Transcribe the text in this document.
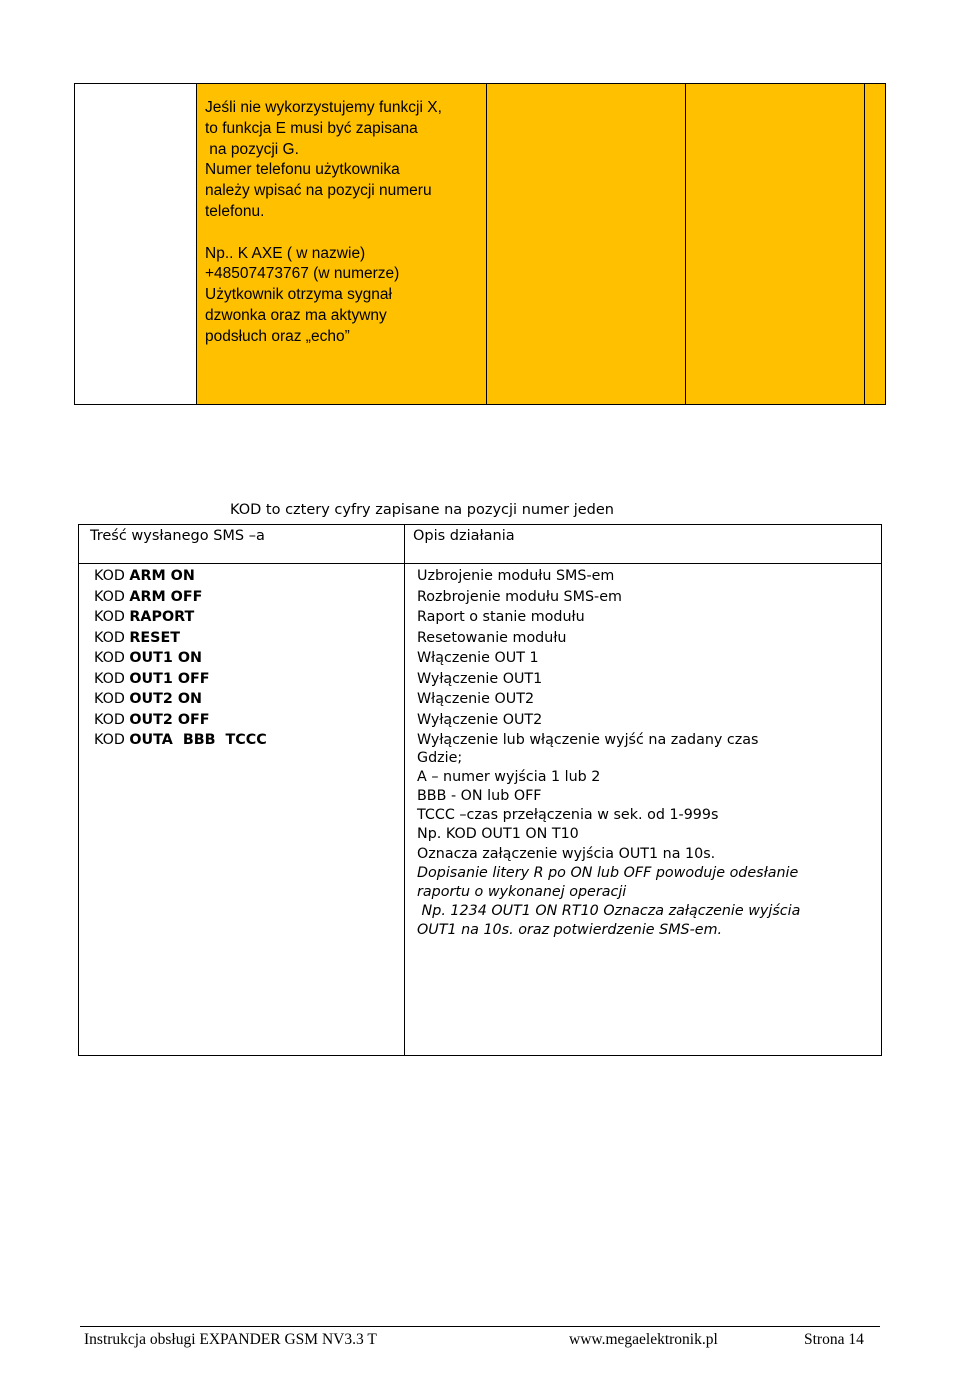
Jeśli nie wykorzystujemy funkcji X,
to funkcja E musi być zapisana
na pozycji G.
Numer telefonu użytkownika
należy wpisać na pozycji numeru
telefonu.

Np.. K AXE ( w nazwie)
+48507473767 (w numerze)
Użytkownik otrzyma sygnał
dzwonka oraz ma aktywny
podsłuch oraz „echo”
KOD to cztery cyfry zapisane na pozycji numer jeden
Treść wysłanego SMS –a	Opis działania
KOD ARM ON	Uzbrojenie modułu SMS-em
KOD ARM OFF	Rozbrojenie modułu SMS-em
KOD RAPORT	Raport o stanie modułu
KOD RESET	Resetowanie modułu
KOD OUT1 ON	Włączenie OUT 1
KOD OUT1 OFF	Wyłączenie OUT1
KOD OUT2 ON	Włączenie OUT2
KOD OUT2 OFF	Wyłączenie OUT2
KOD OUTA  BBB  TCCC	Wyłączenie lub włączenie wyjść na zadany czas
Gdzie;
A – numer wyjścia 1 lub 2
BBB - ON lub OFF
TCCC –czas przełączenia w sek. od 1-999s
Np. KOD OUT1 ON T10
Oznacza załączenie wyjścia OUT1 na 10s.
Dopisanie litery R po ON lub OFF powoduje odesłanie
raportu o wykonanej operacji
Np. 1234 OUT1 ON RT10 Oznacza załączenie wyjścia
OUT1 na 10s. oraz potwierdzenie SMS-em.
Instrukcja obsługi EXPANDER GSM NV3.3 T	www.megaelektronik.pl	Strona 14
